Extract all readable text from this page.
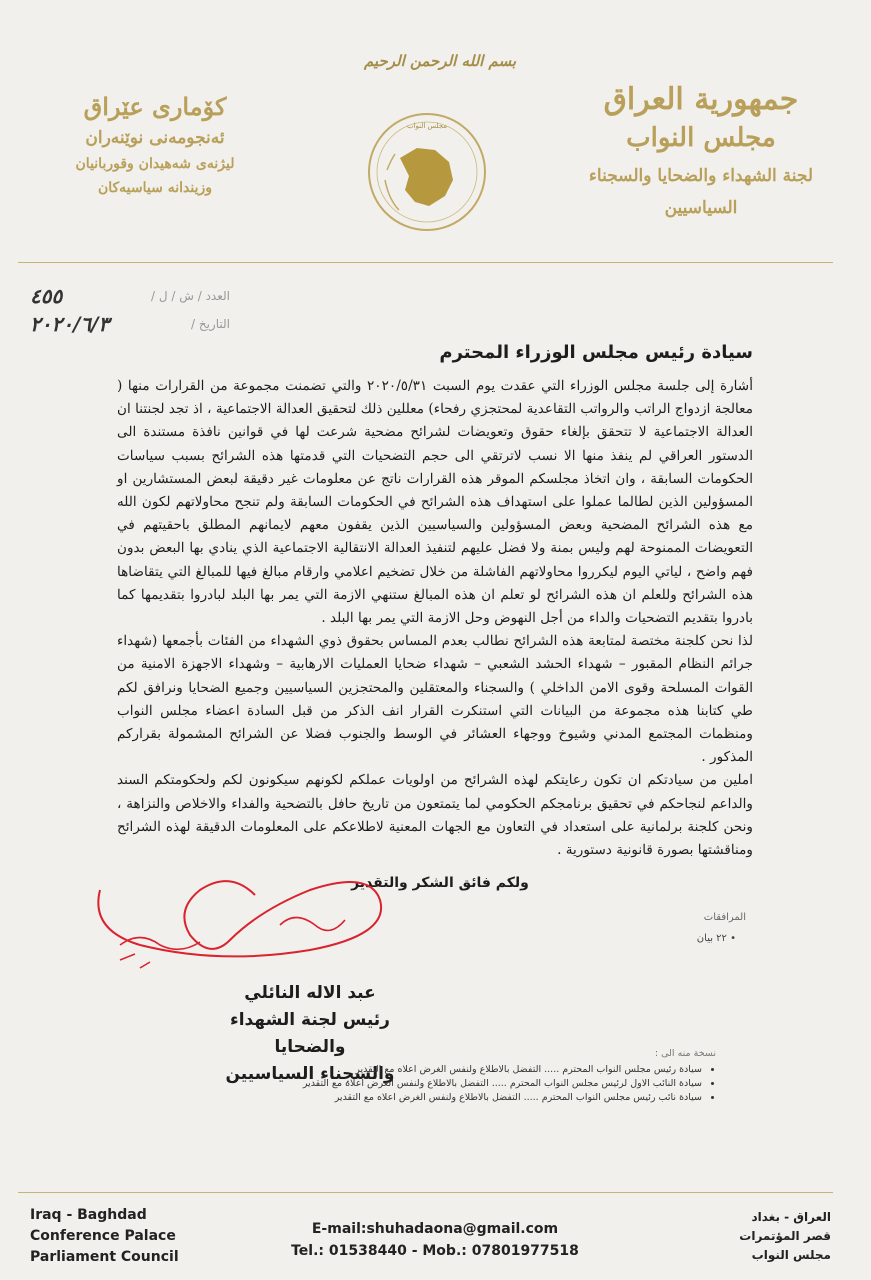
بسم الله الرحمن الرحيم
جمهورية العراق
مجلس النواب
لجنة الشهداء والضحايا والسجناء
السياسيين
كۆماری عێراق
ئەنجومەنی نوێنەران
لیژنەی شەهیدان وقوربانیان
وزیندانە سیاسیەکان
مجلس النواب
العدد / ش / ل /
٤٥٥
التاريخ /
٢٠٢٠/٦/٣
سيادة رئيس مجلس الوزراء المحترم

أشارة إلى جلسة مجلس الوزراء التي عقدت يوم السبت ٢٠٢٠/٥/٣١ والتي تضمنت مجموعة من القرارات منها ( معالجة ازدواج الراتب والرواتب التقاعدية لمحتجزي رفحاء) معللين ذلك لتحقيق العدالة الاجتماعية ، اذ تجد لجنتنا ان العدالة الاجتماعية لا تتحقق بإلغاء حقوق وتعويضات لشرائح مضحية شرعت لها في قوانين نافذة مستندة الى الدستور العراقي لم ينفذ منها الا نسب لاترتقي الى حجم التضحيات التي قدمتها هذه الشرائح بسبب سياسات الحكومات السابقة ، وان اتخاذ مجلسكم الموقر هذه القرارات ناتج عن معلومات غير دقيقة لبعض المستشارين او المسؤولين الذين لطالما عملوا على استهداف هذه الشرائح في الحكومات السابقة ولم تنجح محاولاتهم لكون الله مع هذه الشرائح المضحية وبعض المسؤولين والسياسيين الذين يقفون معهم لايمانهم المطلق باحقيتهم في التعويضات الممنوحة لهم وليس بمنة ولا فضل عليهم لتنفيذ العدالة الانتقالية الاجتماعية الذي ينادي بها البعض بدون فهم واضح ، لياتي اليوم ليكرروا محاولاتهم الفاشلة من خلال تضخيم اعلامي وارقام مبالغ فيها للمبالغ التي يتقاضاها هذه الشرائح وللعلم ان هذه الشرائح لو تعلم ان هذه المبالغ ستنهي الازمة التي يمر بها البلد لبادروا بتقديمها كما بادروا بتقديم التضحيات والداء من أجل النهوض وحل الازمة التي يمر بها البلد .

لذا نحن كلجنة مختصة لمتابعة هذه الشرائح نطالب بعدم المساس بحقوق ذوي الشهداء من الفئات بأجمعها (شهداء جرائم النظام المقبور – شهداء الحشد الشعبي – شهداء ضحايا العمليات الارهابية – وشهداء الاجهزة الامنية من القوات المسلحة وقوى الامن الداخلي ) والسجناء والمعتقلين والمحتجزين السياسيين وجميع الضحايا ونرافق لكم طي كتابنا هذه مجموعة من البيانات التي استنكرت القرار انف الذكر من قبل السادة اعضاء مجلس النواب ومنظمات المجتمع المدني وشيوخ ووجهاء العشائر في الوسط والجنوب فضلا عن الشرائح المشمولة بقراركم المذكور .

املين من سيادتكم ان تكون رعايتكم لهذه الشرائح من اولويات عملكم لكونهم سيكونون لكم ولحكومتكم السند والداعم لنجاحكم في تحقيق برنامجكم الحكومي لما يتمتعون من تاريخ حافل بالتضحية والفداء والاخلاص والنزاهة ، ونحن كلجنة برلمانية على استعداد في التعاون مع الجهات المعنية لاطلاعكم على المعلومات الدقيقة لهذه الشرائح ومناقشتها بصورة قانونية دستورية .

ولكم فائق الشكر والتقدير
المرافقات
• ٢٢ بيان
عبد الاله النائلي
رئيس لجنة الشهداء والضحايا
والسجناء السياسيين
نسخة منه الى :
• سيادة رئيس مجلس النواب المحترم ..... التفضل بالاطلاع ولنفس الغرض اعلاه مع التقدير
• سيادة النائب الاول لرئيس مجلس النواب المحترم ..... التفضل بالاطلاع ولنفس الغرض اعلاه مع التقدير
• سيادة نائب رئيس مجلس النواب المحترم ..... التفضل بالاطلاع ولنفس الغرض اعلاه مع التقدير
Iraq - Baghdad
Conference Palace
Parliament Council
E-mail:shuhadaona@gmail.com
Tel.: 01538440 - Mob.: 07801977518
العراق - بغداد
قصر المؤتمرات
مجلس النواب
